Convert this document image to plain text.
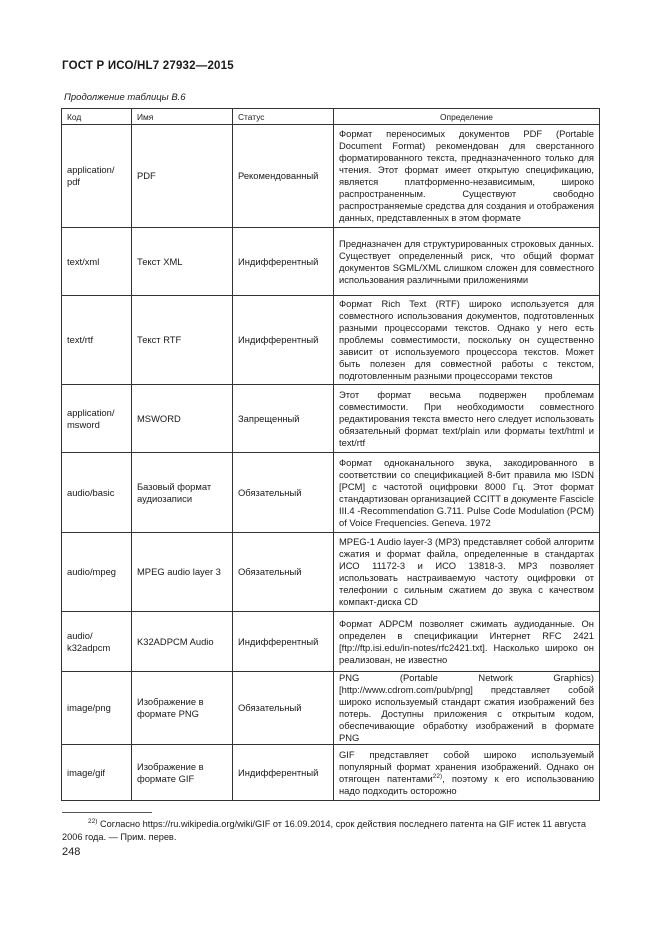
ГОСТ Р ИСО/HL7 27932—2015
Продолжение таблицы В.6
Код	Имя	Статус	Определение
application/ pdf	PDF	Рекомендованный	Формат переносимых документов PDF (Portable Document Format) рекомендован для сверстанного форматированного текста, предназначенного только для чтения. Этот формат имеет открытую спецификацию, является платформенно-независимым, широко распространенным. Существуют свободно распространяемые средства для создания и отображения данных, представленных в этом формате
text/xml	Текст XML	Индифферентный	Предназначен для структурированных строковых данных. Существует определенный риск, что общий формат документов SGML/XML слишком сложен для совместного использования различными приложениями
text/rtf	Текст RTF	Индифферентный	Формат Rich Text (RTF) широко используется для совместного использования документов, подготовленных разными процессорами текстов. Однако у него есть проблемы совместимости, поскольку он существенно зависит от используемого процессора текстов. Может быть полезен для совместной работы с текстом, подготовленным разными процессорами текстов
application/ msword	MSWORD	Запрещенный	Этот формат весьма подвержен проблемам совместимости. При необходимости совместного редактирования текста вместо него следует использовать обязательный формат text/plain или форматы text/html и text/rtf
audio/basic	Базовый формат аудиозаписи	Обязательный	Формат одноканального звука, закодированного в соответствии со спецификацией 8-бит правила мю ISDN [PCM] с частотой оцифровки 8000 Гц. Этот формат стандартизован организацией CCITT в документе Fascicle III.4 -Recommendation G.711. Pulse Code Modulation (PCM) of Voice Frequencies. Geneva. 1972
audio/mpeg	MPEG audio layer 3	Обязательный	MPEG-1 Audio layer-3 (MP3) представляет собой алгоритм сжатия и формат файла, определенные в стандартах ИСО 11172-3 и ИСО 13818-3. MP3 позволяет использовать настраиваемую частоту оцифровки от телефонии с сильным сжатием до звука с качеством компакт-диска CD
audio/ k32adpcm	K32ADPCM Audio	Индифферентный	Формат ADPCM позволяет сжимать аудиоданные. Он определен в спецификации Интернет RFC 2421 [ftp://ftp.isi.edu/in-notes/rfc2421.txt]. Насколько широко он реализован, не известно
image/png	Изображение в формате PNG	Обязательный	PNG (Portable Network Graphics) [http://www.cdrom.com/pub/png] представляет собой широко используемый стандарт сжатия изображений без потерь. Доступны приложения с открытым кодом, обеспечивающие обработку изображений в формате PNG
image/gif	Изображение в формате GIF	Индифферентный	GIF представляет собой широко используемый популярный формат хранения изображений. Однако он отягощен патентами$^{22)}$, поэтому к его использованию надо подходить осторожно
$^{22)}$ Согласно https://ru.wikipedia.org/wiki/GIF от 16.09.2014, срок действия последнего патента на GIF истек 11 августа 2006 года. — Прим. перев.
248
